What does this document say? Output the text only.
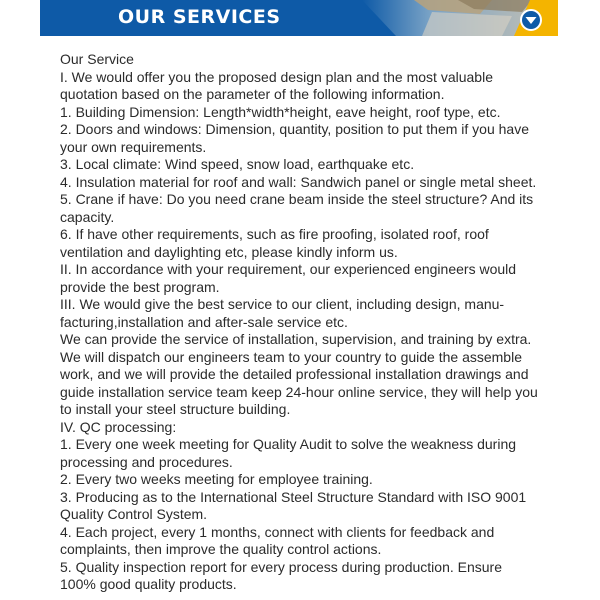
OUR SERVICES
Our Service
I. We would offer you the proposed design plan and the most valuable quotation based on the parameter of the following information.
1. Building Dimension: Length*width*height, eave height, roof type, etc.
2. Doors and windows: Dimension, quantity, position to put them if you have your own requirements.
3. Local climate: Wind speed, snow load, earthquake etc.
4. Insulation material for roof and wall: Sandwich panel or single metal sheet.
5. Crane if have: Do you need crane beam inside the steel structure? And its capacity.
6. If have other requirements, such as fire proofing, isolated roof, roof ventilation and daylighting etc, please kindly inform us.
II. In accordance with your requirement, our experienced engineers would provide the best program.
III. We would give the best service to our client, including design, manu- facturing,installation and after-sale service etc.
We can provide the service of installation, supervision, and training by extra. We will dispatch our engineers team to your country to guide the assemble work, and we will provide the detailed professional installation drawings and guide installation service team keep 24-hour online service, they will help you to install your steel structure building.
IV. QC processing:
1. Every one week meeting for Quality Audit to solve the weakness during processing and procedures.
2. Every two weeks meeting for employee training.
3. Producing as to the International Steel Structure Standard with ISO 9001 Quality Control System.
4. Each project, every 1 months, connect with clients for feedback and complaints, then improve the quality control actions.
5. Quality inspection report for every process during production. Ensure 100% good quality products.
